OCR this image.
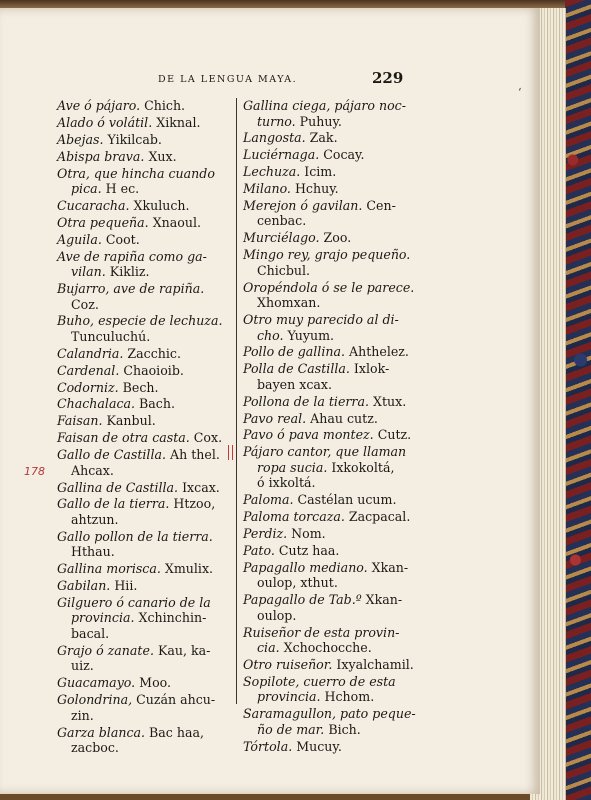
DE LA LENGUA MAYA.	229
‘
Ave ó pájaro. Chich.
Alado ó volátil. Xiknal.
Abejas. Yikilcab.
Abispa brava. Xux.
Otra, que hincha cuando
pica. H ec.
Cucaracha. Xkuluch.
Otra pequeña. Xnaoul.
Aguila. Coot.
Ave de rapiña como ga-
vilan. Kikliz.
Bujarro, ave de rapiña.
Coz.
Buho, especie de lechuza.
Tunculuchú.
Calandria. Zacchic.
Cardenal. Chaoioib.
Codorniz. Bech.
Chachalaca. Bach.
Faisan. Kanbul.
Faisan de otra casta. Cox.
Gallo de Castilla. Ah thel.
Ahcax.
Gallina de Castilla. Ixcax.
Gallo de la tierra. Htzoo,
ahtzun.
Gallo pollon de la tierra.
Hthau.
Gallina morisca. Xmulix.
Gabilan. Hii.
Gilguero ó canario de la
provincia. Xchinchin-
bacal.
Grajo ó zanate. Kau, ka-
uiz.
Guacamayo. Moo.
Golondrina, Cuzán ahcu-
zin.
Garza blanca. Bac haa,
zacboc.
Gallina ciega, pájaro noc-
turno. Puhuy.
Langosta. Zak.
Luciérnaga. Cocay.
Lechuza. Icim.
Milano. Hchuy.
Merejon ó gavilan. Cen-
cenbac.
Murciélago. Zoo.
Mingo rey, grajo pequeño.
Chicbul.
Oropéndola ó se le parece.
Xhomxan.
Otro muy parecido al di-
cho. Yuyum.
Pollo de gallina. Ahthelez.
Polla de Castilla. Ixlok-
bayen xcax.
Pollona de la tierra. Xtux.
Pavo real. Ahau cutz.
Pavo ó pava montez. Cutz.
Pájaro cantor, que llaman
ropa sucia. Ixkokoltá,
ó ixkoltá.
Paloma. Castélan ucum.
Paloma torcaza. Zacpacal.
Perdiz. Nom.
Pato. Cutz haa.
Papagallo mediano. Xkan-
oulop, xthut.
Papagallo de Tab.º Xkan-
oulop.
Ruiseñor de esta provin-
cia. Xchochocche.
Otro ruiseñor. Ixyalchamil.
Sopilote, cuerro de esta
provincia. Hchom.
Saramagullon, pato peque-
ño de mar. Bich.
Tórtola. Mucuy.
178
